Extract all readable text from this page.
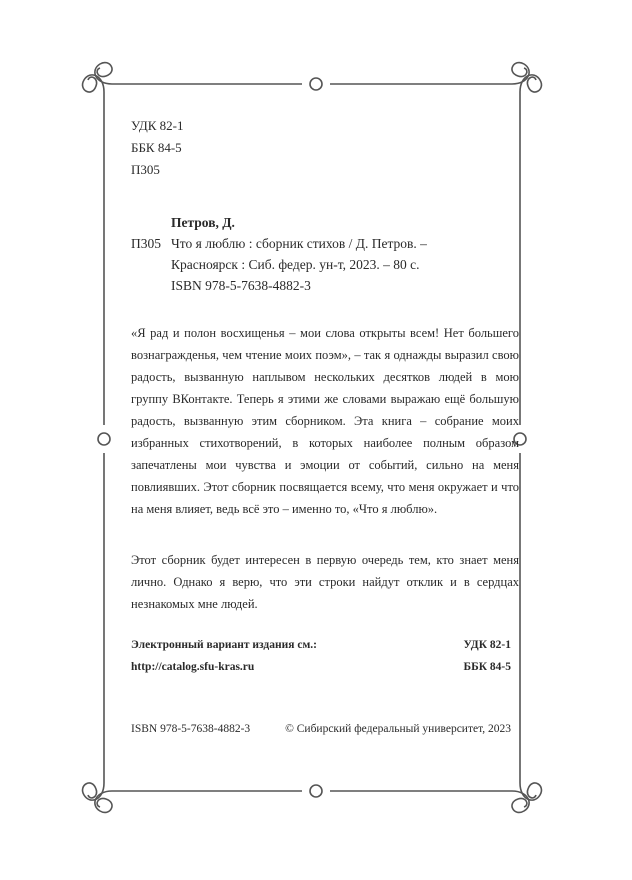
УДК 82-1
ББК 84-5
П305
Петров, Д.
П305 Что я люблю : сборник стихов / Д. Петров. –
Красноярск : Сиб. федер. ун-т, 2023. – 80 с.
ISBN 978-5-7638-4882-3
«Я рад и полон восхищенья – мои слова открыты всем! Нет большего вознагражденья, чем чтение моих поэм», – так я однажды выразил свою радость, вызванную наплывом нескольких десятков людей в мою группу ВКонтакте. Теперь я этими же словами выражаю ещё большую радость, вызванную этим сборником. Эта книга – собрание моих избранных стихотворений, в которых наиболее полным образом запечатлены мои чувства и эмоции от событий, сильно на меня повлиявших. Этот сборник посвящается всему, что меня окружает и что на меня влияет, ведь всё это – именно то, «Что я люблю».
Этот сборник будет интересен в первую очередь тем, кто знает меня лично. Однако я верю, что эти строки найдут отклик и в сердцах незнакомых мне людей.
Электронный вариант издания см.:	УДК 82-1
http://catalog.sfu-kras.ru	ББК 84-5
ISBN 978-5-7638-4882-3	© Сибирский федеральный университет, 2023
